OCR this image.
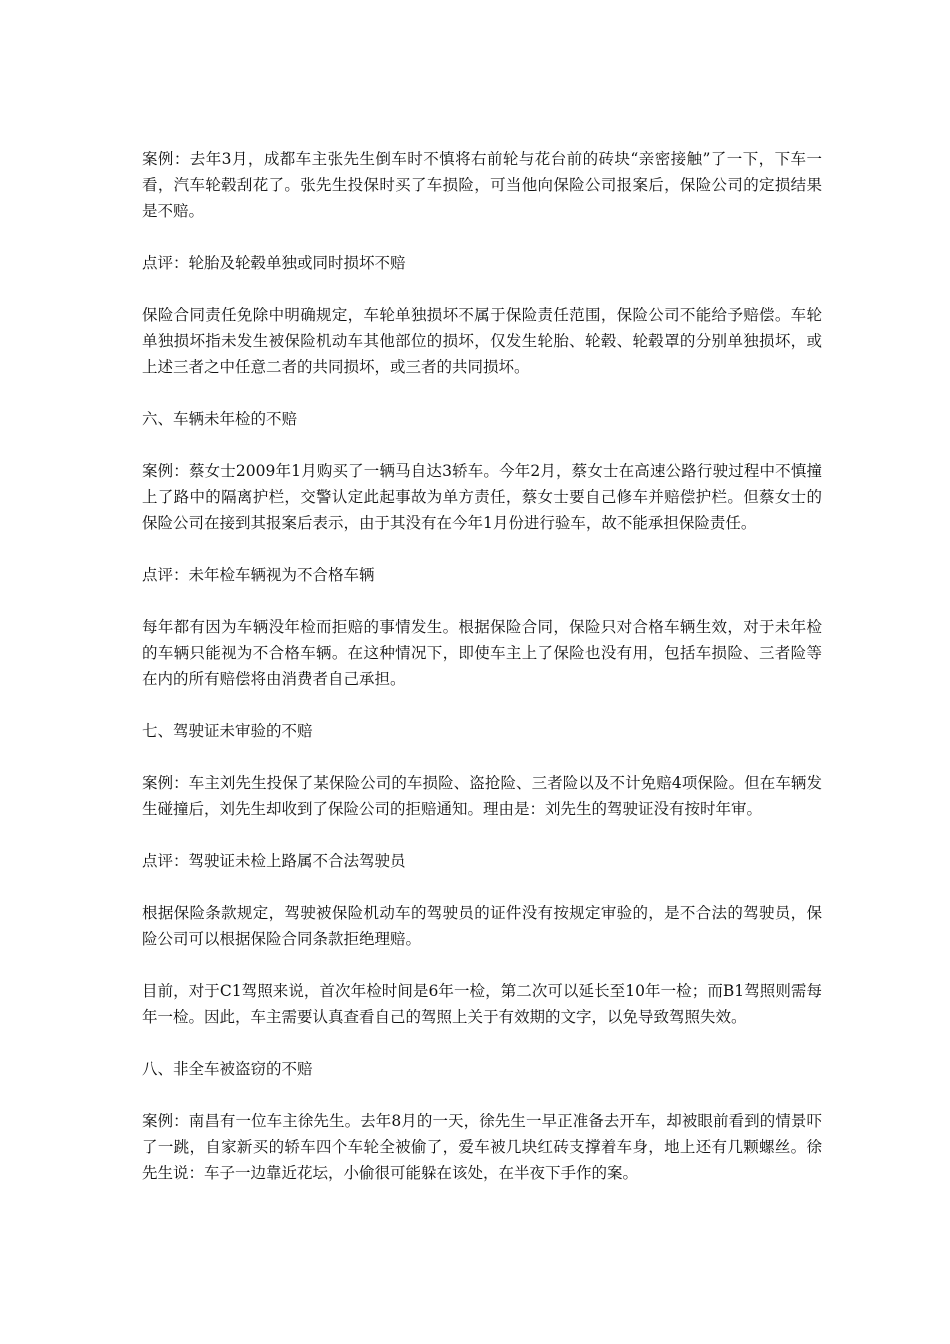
案例：去年3月，成都车主张先生倒车时不慎将右前轮与花台前的砖块“亲密接触”了一下，下车一看，汽车轮毂刮花了。张先生投保时买了车损险，可当他向保险公司报案后，保险公司的定损结果是不赔。

点评：轮胎及轮毂单独或同时损坏不赔

保险合同责任免除中明确规定，车轮单独损坏不属于保险责任范围，保险公司不能给予赔偿。车轮单独损坏指未发生被保险机动车其他部位的损坏，仅发生轮胎、轮毂、轮毂罩的分别单独损坏，或上述三者之中任意二者的共同损坏，或三者的共同损坏。

六、车辆未年检的不赔

案例：蔡女士2009年1月购买了一辆马自达3轿车。今年2月，蔡女士在高速公路行驶过程中不慎撞上了路中的隔离护栏，交警认定此起事故为单方责任，蔡女士要自己修车并赔偿护栏。但蔡女士的保险公司在接到其报案后表示，由于其没有在今年1月份进行验车，故不能承担保险责任。

点评：未年检车辆视为不合格车辆

每年都有因为车辆没年检而拒赔的事情发生。根据保险合同，保险只对合格车辆生效，对于未年检的车辆只能视为不合格车辆。在这种情况下，即使车主上了保险也没有用，包括车损险、三者险等在内的所有赔偿将由消费者自己承担。

七、驾驶证未审验的不赔

案例：车主刘先生投保了某保险公司的车损险、盗抢险、三者险以及不计免赔4项保险。但在车辆发生碰撞后，刘先生却收到了保险公司的拒赔通知。理由是：刘先生的驾驶证没有按时年审。

点评：驾驶证未检上路属不合法驾驶员

根据保险条款规定，驾驶被保险机动车的驾驶员的证件没有按规定审验的，是不合法的驾驶员，保险公司可以根据保险合同条款拒绝理赔。

目前，对于C1驾照来说，首次年检时间是6年一检，第二次可以延长至10年一检；而B1驾照则需每年一检。因此，车主需要认真查看自己的驾照上关于有效期的文字，以免导致驾照失效。

八、非全车被盗窃的不赔

案例：南昌有一位车主徐先生。去年8月的一天，徐先生一早正准备去开车，却被眼前看到的情景吓了一跳，自家新买的轿车四个车轮全被偷了，爱车被几块红砖支撑着车身，地上还有几颗螺丝。徐先生说：车子一边靠近花坛，小偷很可能躲在该处，在半夜下手作的案。
